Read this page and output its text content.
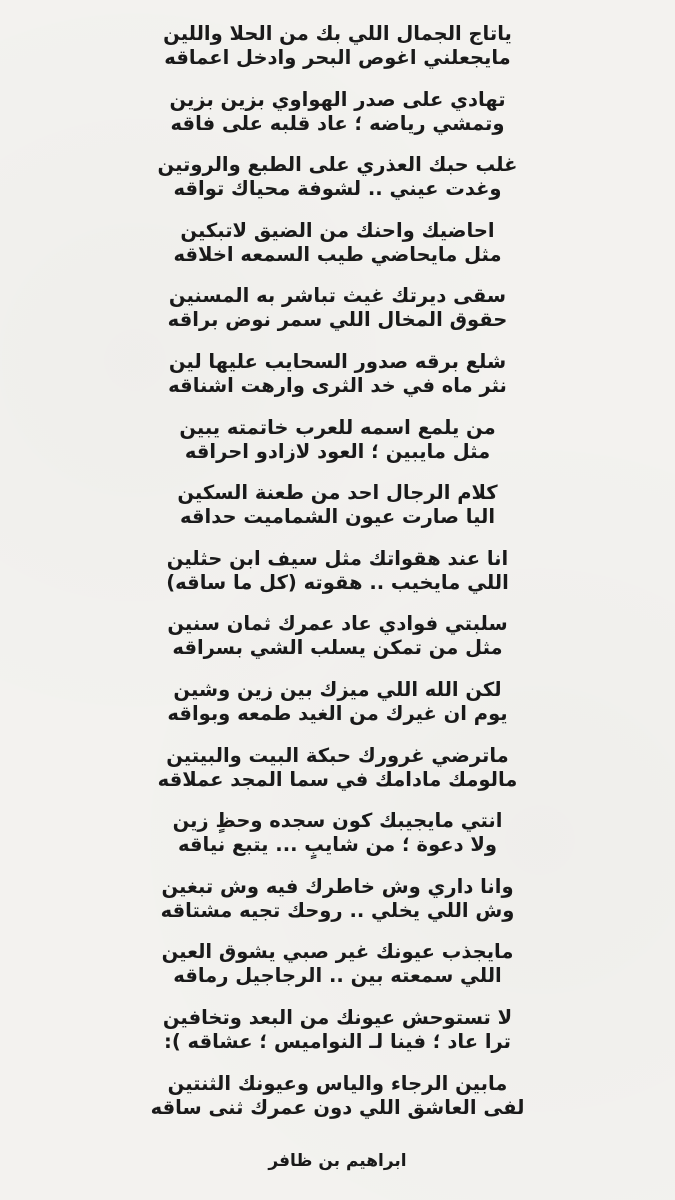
ياتاج الجمال اللي بك من الحلا واللين
مايجعلني اغوص البحر وادخل اعماقه
تهادي على صدر الهواوي بزين بزين
وتمشي رياضه ؛ عاد قلبه على فاقه
غلب حبك العذري على الطبع والروتين
وغدت عيني .. لشوفة محياك تواقه
احاضيك واحنك من الضيق لاتبكين
مثل مايحاضي طيب السمعه اخلاقه
سقى ديرتك غيث تباشر به المسنين
حقوق المخال اللي سمر نوض براقه
شلع برقه صدور السحايب عليها لين
نثر ماه في خد الثرى وارهت اشناقه
من يلمع اسمه للعرب خاتمته يبين
مثل مايبين ؛ العود لازادو احراقه
كلام الرجال احد من طعنة السكين
اليا صارت عيون الشماميت حداقه
انا عند هقواتك مثل سيف ابن حثلين
اللي مايخيب .. هقوته (كل ما ساقه)
سلبتي فوادي عاد عمرك ثمان سنين
مثل من تمكن يسلب الشي بسراقه
لكن الله اللي ميزك بين زين وشين
يوم ان غيرك من الغيد طمعه وبواقه
ماترضي غرورك حبكة البيت والبيتين
مالومك مادامك في سما المجد عملاقه
انتي مايجيبك كون سجده وحظٍ زين
ولا دعوة ؛ من شايبٍ ... يتبع نياقه
وانا داري وش خاطرك فيه وش تبغين
وش اللي يخلي .. روحك تجيه مشتاقه
مايجذب عيونك غير صبي يشوق العين
اللي سمعته بين .. الرجاجيل رماقه
لا تستوحش عيونك من البعد وتخافين
ترا عاد ؛ فينا لـ النواميس ؛ عشاقه ):
مابين الرجاء والياس وعيونك الثنتين
لفى العاشق اللي دون عمرك ثنى ساقه
ابراهيم بن ظافر
